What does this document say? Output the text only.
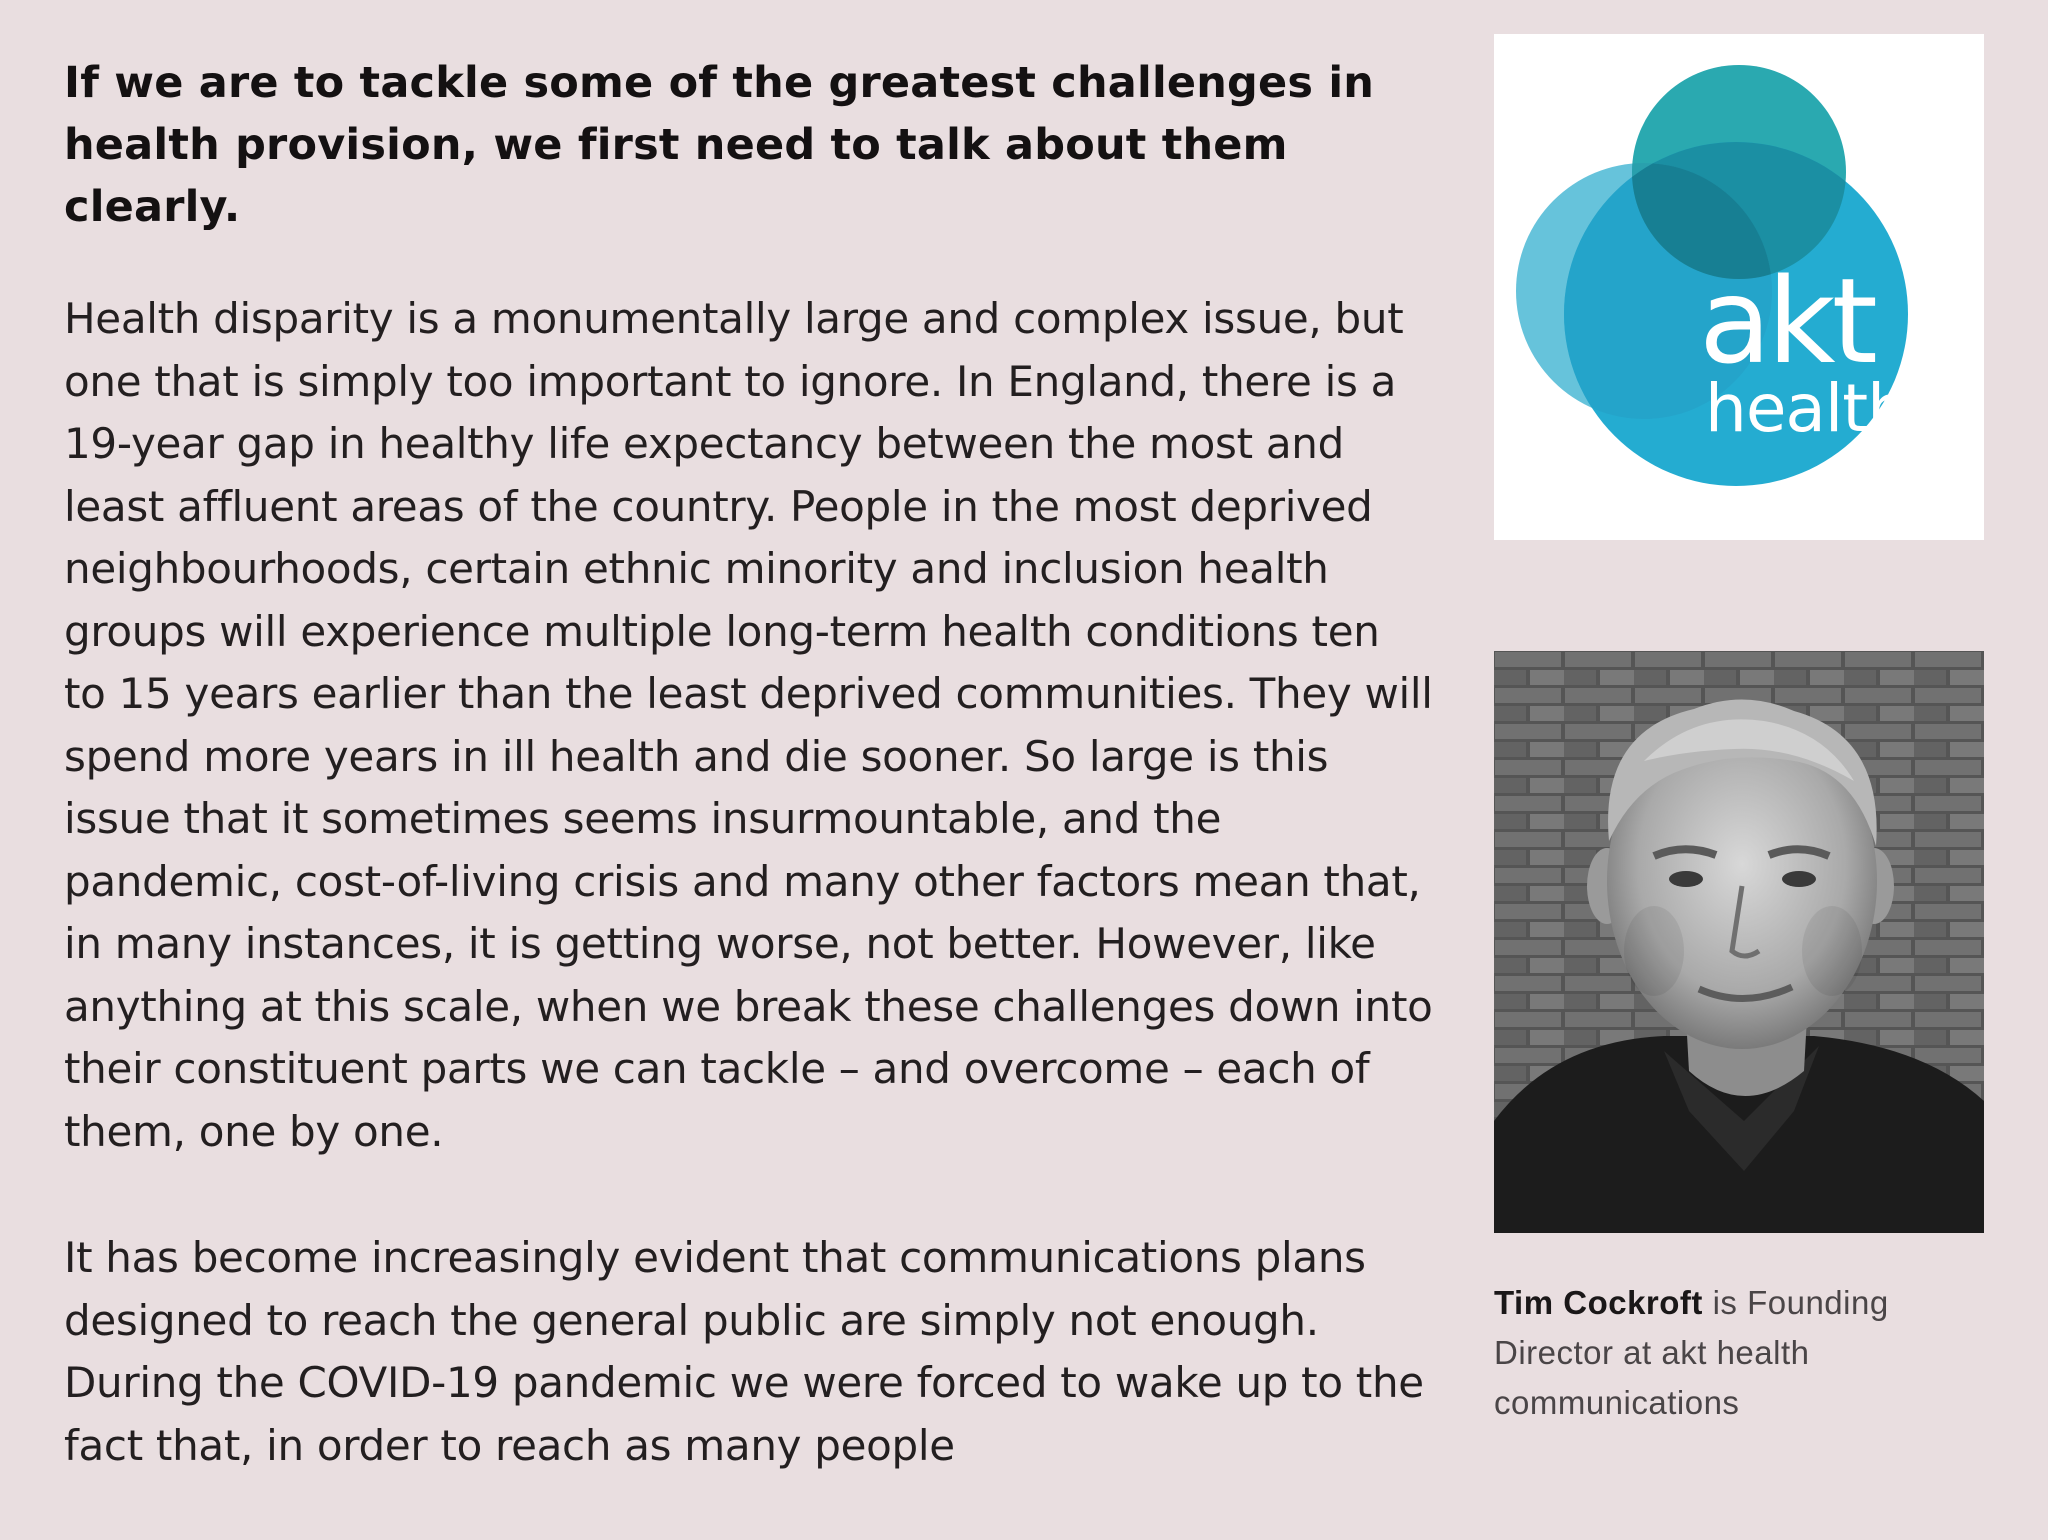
If we are to tackle some of the greatest challenges in health provision, we first need to talk about them clearly.

Health disparity is a monumentally large and complex issue, but one that is simply too important to ignore. In England, there is a 19-year gap in healthy life expectancy between the most and least affluent areas of the country. People in the most deprived neighbourhoods, certain ethnic minority and inclusion health groups will experience multiple long-term health conditions ten to 15 years earlier than the least deprived communities. They will spend more years in ill health and die sooner. So large is this issue that it sometimes seems insurmountable, and the pandemic, cost-of-living crisis and many other factors mean that, in many instances, it is getting worse, not better. However, like anything at this scale, when we break these challenges down into their constituent parts we can tackle – and overcome – each of them, one by one.

It has become increasingly evident that communications plans designed to reach the general public are simply not enough. During the COVID-19 pandemic we were forced to wake up to the fact that, in order to reach as many people

akt
health

Tim Cockroft is Founding Director at akt health communications
